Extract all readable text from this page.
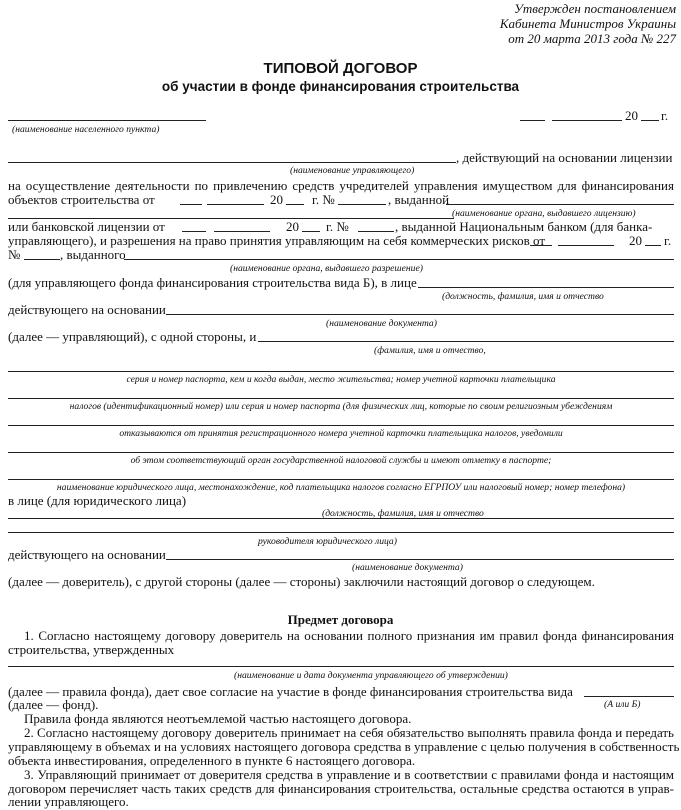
Утвержден постановлением
Кабинета Министров Украины
от 20 марта 2013 года № 227
ТИПОВОЙ ДОГОВОР
об участии в фонде финансирования строительства
20 г.
(наименование населенного пункта)
, действующий на основании лицензии
(наименование управляющего)
на осуществление деятельности по привлечению средств учредителей управления имуществом для финансирования
объектов строительства от	20 г. №	, выданной
(наименование органа, выдавшего лицензию)
или банковской лицензии от	20 г. №	, выданной Национальным банком (для банка-
управляющего), и разрешения на право принятия управляющим на себя коммерческих рисков от	20 г.
№	, выданного
(наименование органа, выдавшего разрешение)
(для управляющего фонда финансирования строительства вида Б), в лице
(должность, фамилия, имя и отчество
действующего на основании
(наименование документа)
(далее — управляющий), с одной стороны, и
(фамилия, имя и отчество,
серия и номер паспорта, кем и когда выдан, место жительства; номер учетной карточки плательщика
налогов (идентификационный номер) или серия и номер паспорта (для физических лиц, которые по своим религиозным убеждениям
отказываются от принятия регистрационного номера учетной карточки плательщика налогов, уведомили
об этом соответствующий орган государственной налоговой службы и имеют отметку в паспорте;
наименование юридического лица, местонахождение, код плательщика налогов согласно ЕГРПОУ или налоговый номер; номер телефона)
в лице (для юридического лица)
(должность, фамилия, имя и отчество
руководителя юридического лица)
действующего на основании
(наименование документа)
(далее — доверитель), с другой стороны (далее — стороны) заключили настоящий договор о следующем.
Предмет договора
1. Согласно настоящему договору доверитель на основании полного признания им правил фонда финансирования
строительства, утвержденных
(наименование и дата документа управляющего об утверждении)
(далее — правила фонда), дает свое согласие на участие в фонде финансирования строительства вида
(А или Б)
(далее — фонд).
Правила фонда являются неотъемлемой частью настоящего договора.
2. Согласно настоящему договору доверитель принимает на себя обязательство выполнять правила фонда и передать
управляющему в объемах и на условиях настоящего договора средства в управление с целью получения в собственность
объекта инвестирования, определенного в пункте 6 настоящего договора.
3. Управляющий принимает от доверителя средства в управление и в соответствии с правилами фонда и настоящим
договором перечисляет часть таких средств для финансирования строительства, остальные средства остаются в управ-
лении управляющего.
